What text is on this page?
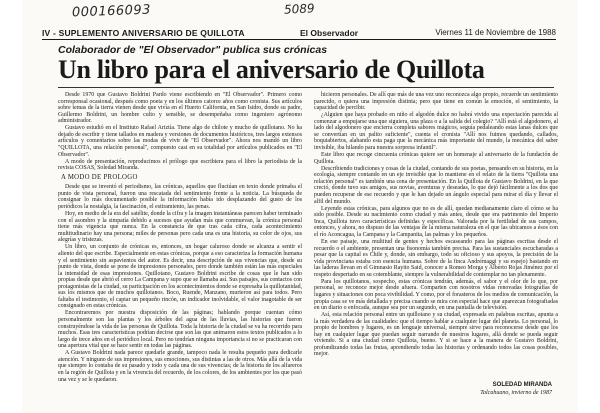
000166093	5089
IV - SUPLEMENTO ANIVERSARIO DE QUILLOTA	El Observador	Viernes 11 de Noviembre de 1988
Colaborador de "El Observador" publica sus crónicas
Un libro para el aniversario de Quillota

Desde 1970 que Gustavo Boldrini Pardo viene escribiendo en "El Observador". Primero como corresponsal ocasional, después como poeta y en los últimos catorce años como cronista. Sus artículos sobre temas de la tierra vienen desde que vivía en el Huerto California, en San Isidro, donde su padre, Guillermo Boldrini, un hombre culto y sensible, se desempeñaba como ingeniero agrónomo administrador.

Gustavo estudió en el Instituto Rafael Ariztía. Tiene algo de chilote y mucho de quillotano. No ha dejado de escribir y tiene tallados en madera y versiones de documentos históricos, tres largos extensos artículos y comentarios sobre las modas de vivir de "El Observador". Ahora nos mandó un libro "QUILLOTA, una relación personal", compuesto casi en su totalidad por artículos publicados en "El Observador".

A modo de presentación, reproducimos el prólogo que escribiera para el libro la periodista de la revista COSAS, Soledad Miranda.

A MODO DE PROLOGO

Desde que se inventó el periodismo, las crónicas, aquellos que fluctúan en texto donde primaba el punto de vista personal, fueron una rescatada del sentimiento frente a la noticia. La búsqueda de consignar lo más documentado posible la información había ido desplazando del gusto de los periódicos la nostalgia, la fascinación, el estiramiento, las penas.

Hoy, en medio de la era del satélite, donde la cifra y la imagen instantáneas parecen haber terminado con el asombro y la simpatía debido a sucesos que ayudan más que conmuevan, la crónica personal tiene más vigencia que nunca. En la constancia de que tras cada cifra, cada acontecimiento multitudinario hay una persona; miles de personas pero cada una es una historia, su color de ojos, sus alegrías y tristezas.

Un libro, un conjunto de crónicas es, entonces, un hogar caluroso donde se alcanza a sentir el aliento del que escribe. Especialmente en estas crónicas, porque a eso caracteriza la formación humana y el sentimiento sin aspavientos del autor. Es decir, una descripción de sus vivencias que, desde su punto de vista, donde se pone de impresiones personales, pero donde también están las más especiales la intensidad de esas impresiones. Quillotano, Gustavo Boldrini escribe de cosas que le han sido propias desde que abrió el cerro La Campana y supo que se llamaba así. Sus paisajes, sus contactos con protagonistas de la ciudad, su participación en los acontecimientos donde se expresaba la quillotanidad, sus los mismos que de muchos quillotanos. Boco, Ruende, Manzano, murieron así para todos. Pero faltaba el testimonio, el captar un pequeño rincón, un indicador inolvidable, el valor inagotable de ser consignado en estas crónicas.

Encontraremos por nuestra disposición de las páginas; hablando porque cuentan cómo personalmente son las plantas y los árboles del agua de las lluvias, las historias que fueron construyéndose la vida de las personas de Quillota. Toda la historia de la ciudad se va ha recorrido para muchos. Esas tres características podrían decirse que son las que animaron estos textos publicados a lo largo de trece años en el periódico local. Pero no tendrían ninguna importancia si no se practicaran con una apertura vital que se hace sentir en todas las páginas.

A Gustavo Boldrini nada parece quedarle grande, tampoco nada le resulta pequeño para dedicarle atención. Y ninguno de sus impresiones, sus emociones, sus distintas a las de otros. Más allá de la vida que siempre lo contaba de su pasado y todo y cada una de sus vivencias; de la historia de los alfareros en la región de Quillota y en la vivencia del recuerdo, de los colores, de los ambientes por los que pasó una vez y se le quedaron.

hicieron personales. De allí que más de una vez uno reconozca algo propio, recuerde un sentimiento parecido, o quiera una impresión distinta; pero que tiene en común la emoción, el sentimiento, la capacidad de percibir.

¿Alguien que haya probado en niño el algodón dulce no habrá vivido una expectación parecida al comenzar a empujarse una que siguiera, una plaza o a la salida del colegio? "Allí está el algodonero, al lado del algodonero que encierra completa sabores mágicos, seguía pedaleando estas lanas dulces que se convertían en un palito suficiente", cuenta el cronista "Allí nos fuimos quedando, callados, boquiabiertos, alabando esta paga que la mecánica más importante del mundo, la mecánica del saber invisible, iba hilando para nuestra sorpresa infantil".

Este libro que recoge cincuenta crónicas quiere ser un homenaje al aniversario de la fundación de Quillota.

Describiendo tradiciones y cosas de la ciudad, contando de sus poetas, pensando en su historia, en la ecología, siempre contando en un eje invisible que lo mantiene en el relato de la tierra "Quillota una relación personal" es también una cena de presentación. En la Quillota de Gustavo Boldrini, en la que creció, donde tuvo sus amigos, sus novias, aventuras y deseadas, lo que dejó fácilmente a los dos que pueden recuperar de ese recuerdo y que le han dejado un ángulo especial para mirar el día y llevar el alfil del mundo.

Leyendo estas crónicas, para algunos que no es de allí, quedan medianamente claro el cómo se ha sido posible. Desde su nacimiento como ciudad y más antes, desde que era patrimonio del Imperio Inca, Quillota tuvo características definidas y específicas. Valorada por la fertilidad de sus campos, entonces, y ahora, no dispuso de las ventajas de la misma naturaleza en el que las ubicamos a ésos con el río Aconcagua, la Campana y la Campanita, las palmas y los pequeños.

En ese paisaje, una multitud de gentes y hechos escaseando para las páginas escritas desde el recuerdo o el ambiente, presentan una fisonomía también precisa. Para las sustanciales escucharadas a pesar que la capital es Chile y, donde, sin embargo, todo su oficioso y sus apoyos, la precisión de la vida provinciana estaba con esencia humana. Sobre de la finca Andrémaggi y su espejo) bastando en las laderas llevan en el Gimnasio Rayito Said, conocer a Romeo Morga y Alberto Rojas Jiménez por el respeto despertado en su cotemblante, siempre la vulnerabilidad de contemplar no tan plenamente.

Para los quillotanos, sospecho, estas crónicas tendrán, además, el sabor y el olor de lo que, por personal, se reconoce mejor desde afuera. Comparten con nosotros vidas renovadas fotografías de lugares y situaciones con poca vivibilidad. Y como, por el forasteros de los medios de comunicación, la propia casa se ve más detallada y precisa cuando se mira con especial hace que aparezcan fotografiadas en un diario o enfocada, aunque sea por un segundo, en una pantalla de televisión.

Así, esta relación personal entre un quillotano y su ciudad, expresada en palabras escritas, apunta a la más verdadera de las cualidades: que el tiempo hablar a cualquier lugar del planeta. Lo personal, lo propio de hombres y lugares, es un lenguaje universal, siempre sirve para reconocerse desde que los hay en cualquier lugar que puedan seguir narrando de nuestros lugares, allá donde se pueda seguir viviendo. Si a una ciudad como Quillota, bueno. Y si se hace a la manera de Gustavo Boldrini, profundizando todas las frutas, aprendiendo todas las historias y ordenando todos las cosas posibles, mejor.

SOLEDAD MIRANDA
Talcahuano, invierno de 1987
